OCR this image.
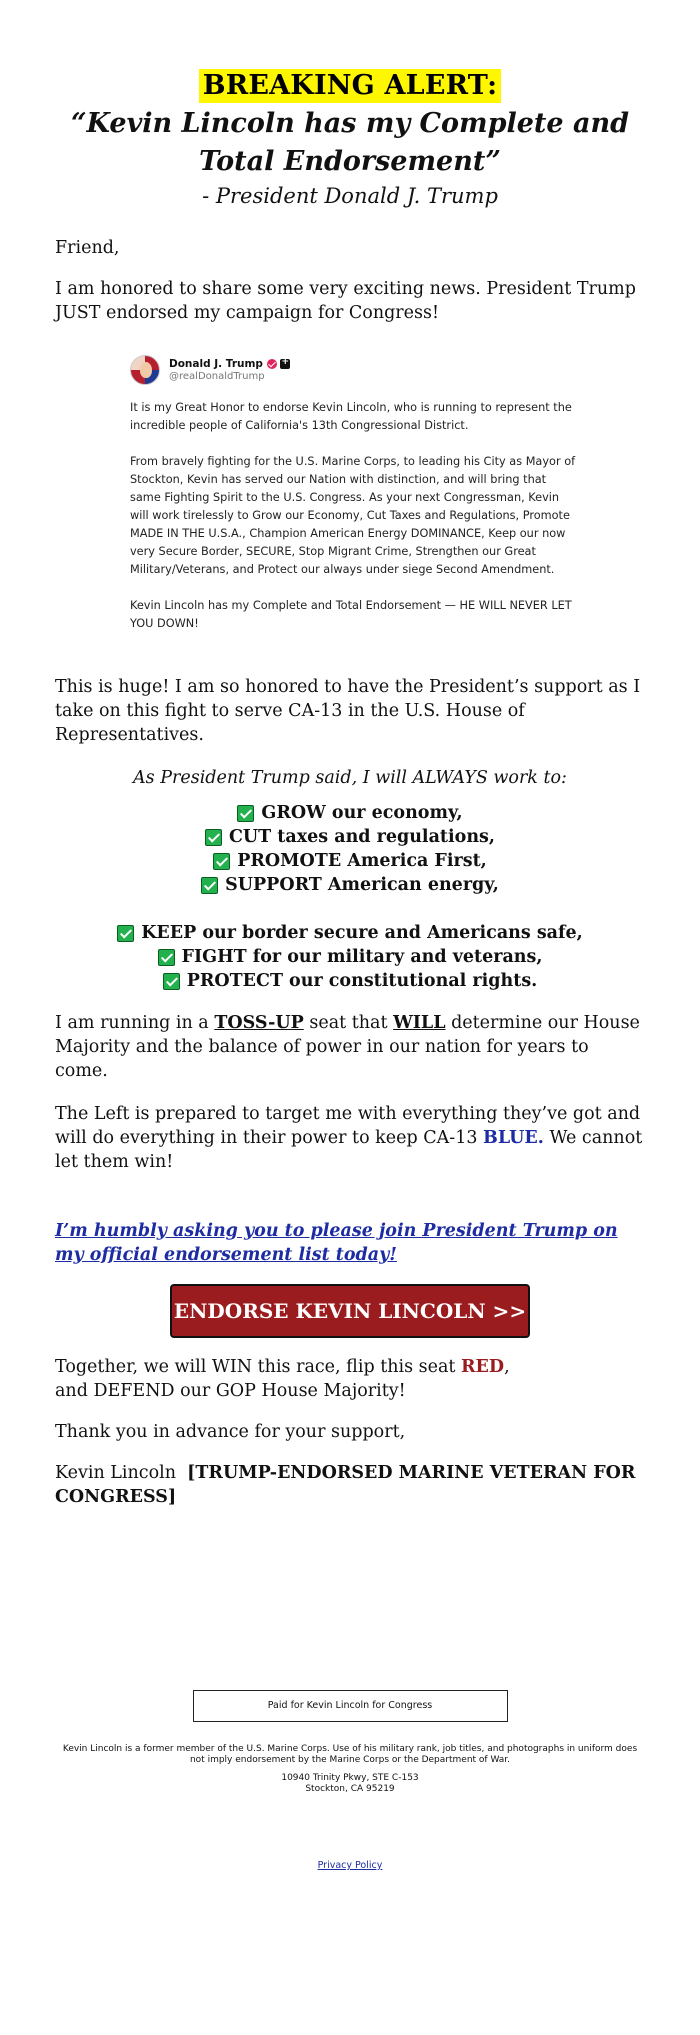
BREAKING ALERT:
“Kevin Lincoln has my Complete and
Total Endorsement”
- President Donald J. Trump

Friend,

I am honored to share some very exciting news. President Trump JUST endorsed my campaign for Congress!

Donald J. Trump
+
@realDonaldTrump

It is my Great Honor to endorse Kevin Lincoln, who is running to represent the incredible people of California's 13th Congressional District.

From bravely fighting for the U.S. Marine Corps, to leading his City as Mayor of Stockton, Kevin has served our Nation with distinction, and will bring that same Fighting Spirit to the U.S. Congress. As your next Congressman, Kevin will work tirelessly to Grow our Economy, Cut Taxes and Regulations, Promote MADE IN THE U.S.A., Champion American Energy DOMINANCE, Keep our now very Secure Border, SECURE, Stop Migrant Crime, Strengthen our Great Military/Veterans, and Protect our always under siege Second Amendment.

Kevin Lincoln has my Complete and Total Endorsement — HE WILL NEVER LET YOU DOWN!

This is huge! I am so honored to have the President’s support as I take on this fight to serve CA-13 in the U.S. House of Representatives.

As President Trump said, I will ALWAYS work to:
GROW our economy,
CUT taxes and regulations,
PROMOTE America First,
SUPPORT American energy,
KEEP our border secure and Americans safe,
FIGHT for our military and veterans,
PROTECT our constitutional rights.

I am running in a TOSS-UP seat that WILL determine our House Majority and the balance of power in our nation for years to come.

The Left is prepared to target me with everything they’ve got and will do everything in their power to keep CA-13 BLUE. We cannot let them win!

I’m humbly asking you to please join President Trump on my official endorsement list today!
ENDORSE KEVIN LINCOLN >>

Together, we will WIN this race, flip this seat RED,
and DEFEND our GOP House Majority!

Thank you in advance for your support,

Kevin Lincoln [TRUMP-ENDORSED MARINE VETERAN FOR CONGRESS]

Paid for Kevin Lincoln for Congress
Kevin Lincoln is a former member of the U.S. Marine Corps. Use of his military rank, job titles, and photographs in uniform does not imply endorsement by the Marine Corps or the Department of War.
10940 Trinity Pkwy, STE C-153
Stockton, CA 95219
Privacy Policy
